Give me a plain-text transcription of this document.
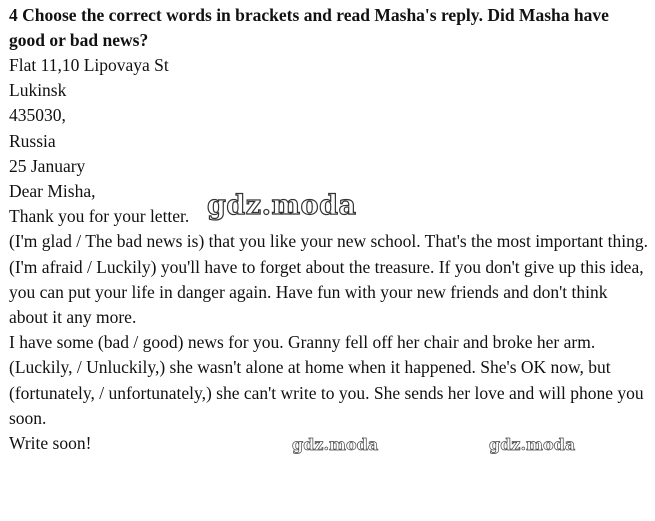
4 Choose the correct words in brackets and read Masha's reply. Did Masha have good or bad news?

Flat 11,10 Lipovaya St

Lukinsk

435030,

Russia

25 January

Dear Misha,

Thank you for your letter.

(I'm glad / The bad news is) that you like your new school. That's the most important thing.

(I'm afraid / Luckily) you'll have to forget about the treasure. If you don't give up this idea, you can put your life in danger again. Have fun with your new friends and don't think about it any more.

I have some (bad / good) news for you. Granny fell off her chair and broke her arm. (Luckily, / Unluckily,) she wasn't alone at home when it happened. She's OK now, but (fortunately, / unfortunately,) she can't write to you. She sends her love and will phone you soon.

Write soon!

gdz.moda
gdz.moda	gdz.moda
